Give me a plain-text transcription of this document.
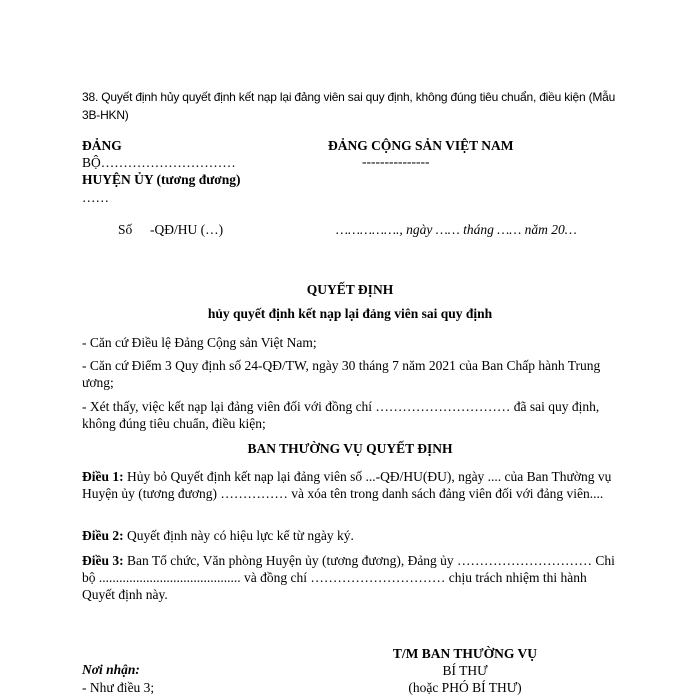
38. Quyết định hủy quyết định kết nạp lại đảng viên sai quy định, không đúng tiêu chuẩn, điều kiện (Mẫu
3B-HKN)
ĐẢNG
BỘ…………………………
HUYỆN ỦY (tương đương)
……
ĐẢNG CỘNG SẢN VIỆT NAM
---------------
Số -QĐ/HU (…)	……………., ngày …… tháng …… năm 20…
QUYẾT ĐỊNH
hủy quyết định kết nạp lại đảng viên sai quy định
- Căn cứ Điều lệ Đảng Cộng sản Việt Nam;
- Căn cứ Điểm 3 Quy định số 24-QĐ/TW, ngày 30 tháng 7 năm 2021 của Ban Chấp hành Trung ương;
- Xét thấy, việc kết nạp lại đảng viên đối với đồng chí ………………………… đã sai quy định, không đúng tiêu chuẩn, điều kiện;
BAN THƯỜNG VỤ QUYẾT ĐỊNH
Điều 1: Hủy bỏ Quyết định kết nạp lại đảng viên số ...-QĐ/HU(ĐU), ngày .... của Ban Thường vụ Huyện ủy (tương đương) …………… và xóa tên trong danh sách đảng viên đối với đảng viên....
Điều 2: Quyết định này có hiệu lực kể từ ngày ký.
Điều 3: Ban Tổ chức, Văn phòng Huyện ủy (tương đương), Đảng ủy ………………………… Chi bộ .......................................... và đồng chí ………………………… chịu trách nhiệm thi hành Quyết định này.
T/M BAN THƯỜNG VỤ
BÍ THƯ
(hoặc PHÓ BÍ THƯ)
Nơi nhận:
- Như điều 3;
